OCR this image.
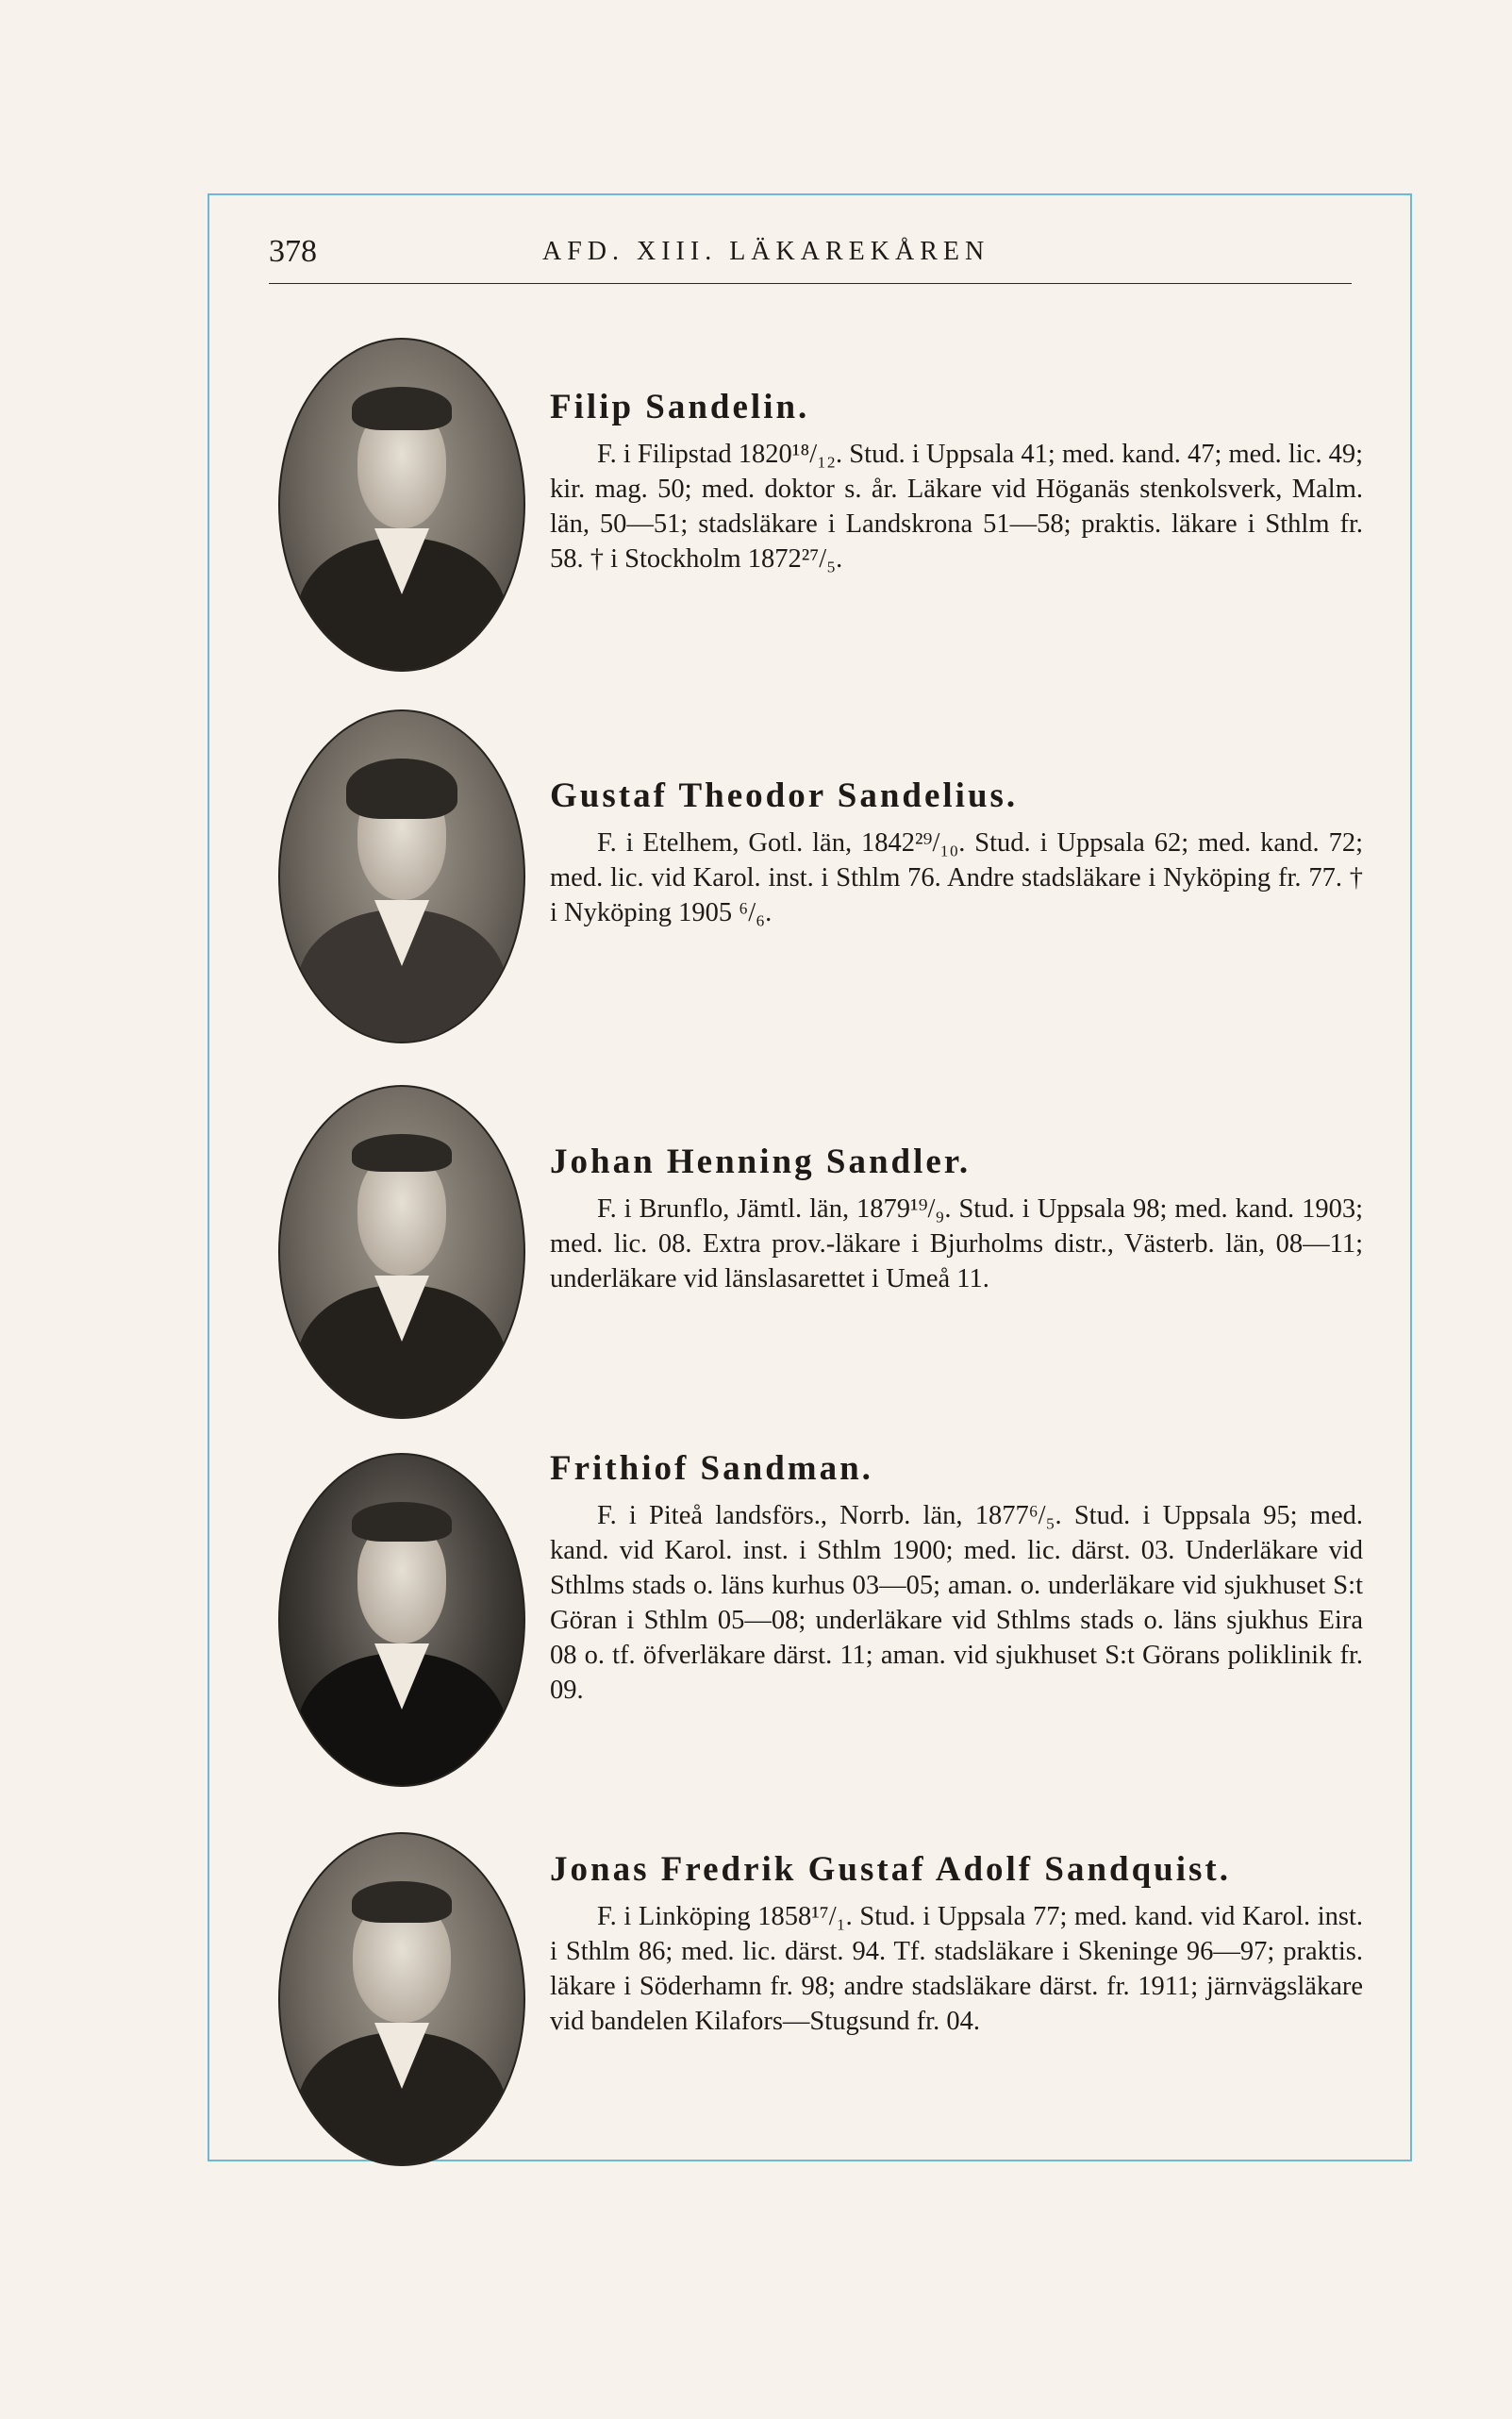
378	AFD. XIII. LÄKAREKÅREN
Filip Sandelin.

F. i Filipstad 1820¹⁸/₁₂. Stud. i Uppsala 41; med. kand. 47; med. lic. 49; kir. mag. 50; med. doktor s. år. Läkare vid Höganäs stenkolsverk, Malm. län, 50—51; stadsläkare i Landskrona 51—58; praktis. läkare i Sthlm fr. 58. † i Stockholm 1872²⁷/₅.

Gustaf Theodor Sandelius.

F. i Etelhem, Gotl. län, 1842²⁹/₁₀. Stud. i Uppsala 62; med. kand. 72; med. lic. vid Karol. inst. i Sthlm 76. Andre stadsläkare i Nyköping fr. 77. † i Nyköping 1905 ⁶/₆.

Johan Henning Sandler.

F. i Brunflo, Jämtl. län, 1879¹⁹/₉. Stud. i Uppsala 98; med. kand. 1903; med. lic. 08. Extra prov.-läkare i Bjurholms distr., Västerb. län, 08—11; underläkare vid länslasarettet i Umeå 11.

Frithiof Sandman.

F. i Piteå landsförs., Norrb. län, 1877⁶/₅. Stud. i Uppsala 95; med. kand. vid Karol. inst. i Sthlm 1900; med. lic. därst. 03. Underläkare vid Sthlms stads o. läns kurhus 03—05; aman. o. underläkare vid sjukhuset S:t Göran i Sthlm 05—08; underläkare vid Sthlms stads o. läns sjukhus Eira 08 o. tf. öfverläkare därst. 11; aman. vid sjukhuset S:t Görans poliklinik fr. 09.

Jonas Fredrik Gustaf Adolf Sandquist.

F. i Linköping 1858¹⁷/₁. Stud. i Uppsala 77; med. kand. vid Karol. inst. i Sthlm 86; med. lic. därst. 94. Tf. stadsläkare i Skeninge 96—97; praktis. läkare i Söderhamn fr. 98; andre stadsläkare därst. fr. 1911; järnvägsläkare vid bandelen Kilafors—Stugsund fr. 04.
